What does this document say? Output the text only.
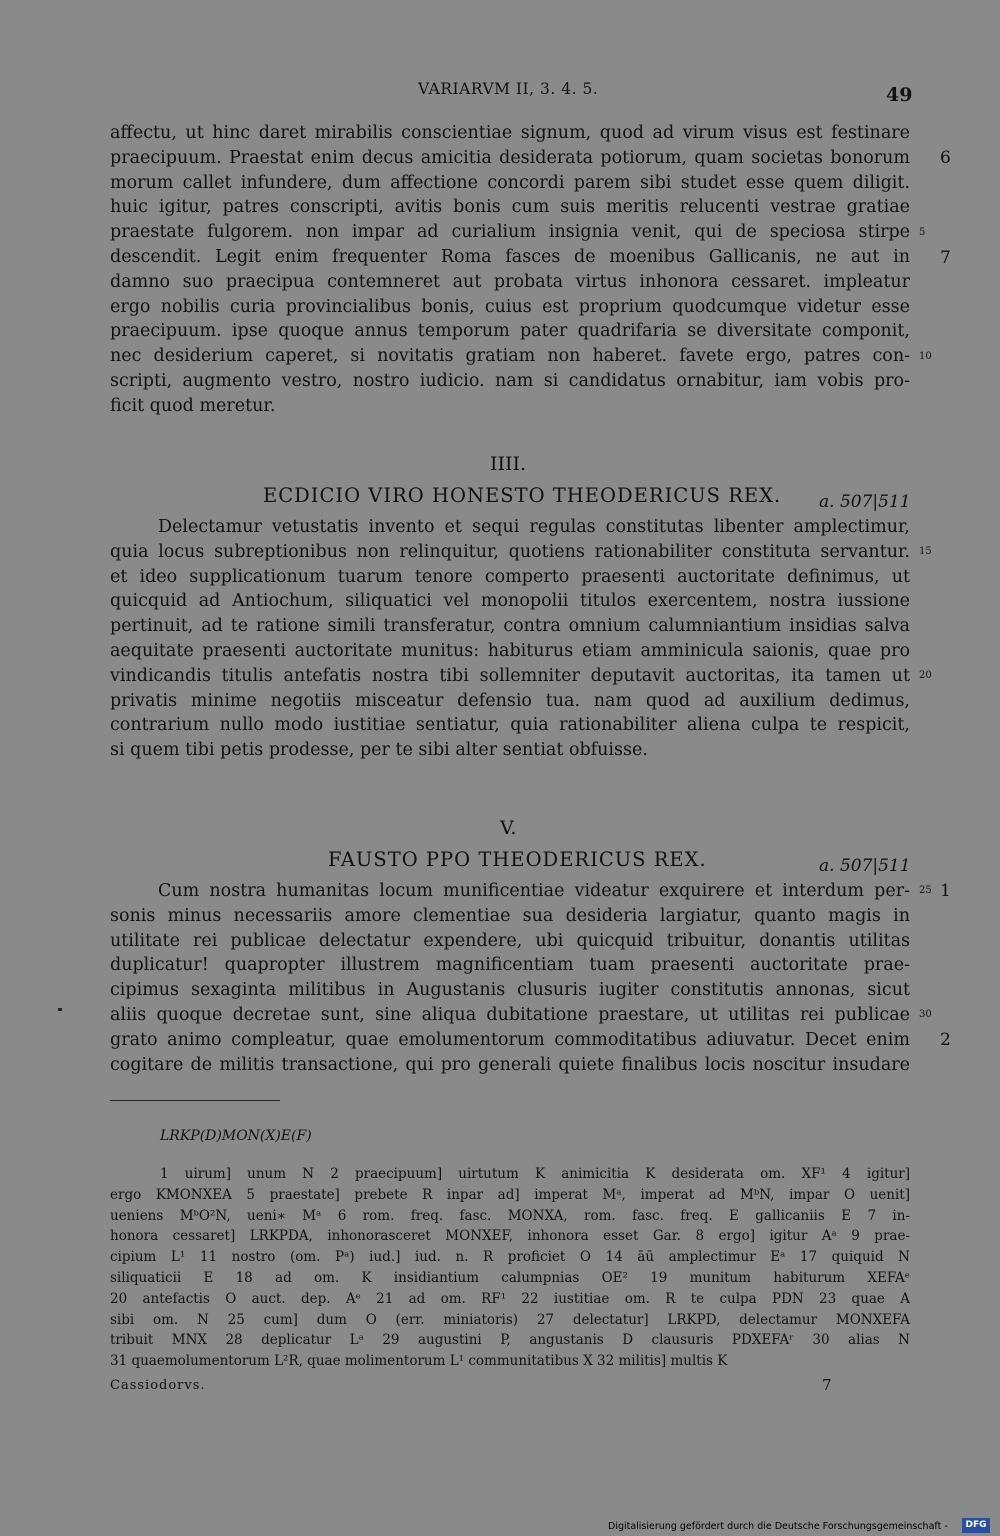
VARIARVM II, 3. 4. 5.	49
affectu, ut hinc daret mirabilis conscientiae signum, quod ad virum visus est festinare
praecipuum. Praestat enim decus amicitia desiderata potiorum, quam societas bonorum
morum callet infundere, dum affectione concordi parem sibi studet esse quem diligit.
huic igitur, patres conscripti, avitis bonis cum suis meritis relucenti vestrae gratiae
praestate fulgorem. non impar ad curialium insignia venit, qui de speciosa stirpe
descendit. Legit enim frequenter Roma fasces de moenibus Gallicanis, ne aut in
damno suo praecipua contemneret aut probata virtus inhonora cessaret. impleatur
ergo nobilis curia provincialibus bonis, cuius est proprium quodcumque videtur esse
praecipuum. ipse quoque annus temporum pater quadrifaria se diversitate componit,
nec desiderium caperet, si novitatis gratiam non haberet. favete ergo, patres con-
scripti, augmento vestro, nostro iudicio. nam si candidatus ornabitur, iam vobis pro-
ficit quod meretur.
5
10
6
7
IIII.
ECDICIO VIRO HONESTO THEODERICUS REX. a. 507|511
Delectamur vetustatis invento et sequi regulas constitutas libenter amplectimur,
quia locus subreptionibus non relinquitur, quotiens rationabiliter constituta servantur.
et ideo supplicationum tuarum tenore comperto praesenti auctoritate definimus, ut
quicquid ad Antiochum, siliquatici vel monopolii titulos exercentem, nostra iussione
pertinuit, ad te ratione simili transferatur, contra omnium calumniantium insidias salva
aequitate praesenti auctoritate munitus: habiturus etiam amminicula saionis, quae pro
vindicandis titulis antefatis nostra tibi sollemniter deputavit auctoritas, ita tamen ut
privatis minime negotiis misceatur defensio tua. nam quod ad auxilium dedimus,
contrarium nullo modo iustitiae sentiatur, quia rationabiliter aliena culpa te respicit,
si quem tibi petis prodesse, per te sibi alter sentiat obfuisse.
15
20
V.
FAUSTO PPO THEODERICUS REX.	a. 507|511
Cum nostra humanitas locum munificentiae videatur exquirere et interdum per-
sonis minus necessariis amore clementiae sua desideria largiatur, quanto magis in
utilitate rei publicae delectatur expendere, ubi quicquid tribuitur, donantis utilitas
duplicatur! quapropter illustrem magnificentiam tuam praesenti auctoritate prae-
cipimus sexaginta militibus in Augustanis clusuris iugiter constitutis annonas, sicut
aliis quoque decretae sunt, sine aliqua dubitatione praestare, ut utilitas rei publicae
grato animo compleatur, quae emolumentorum commoditatibus adiuvatur. Decet enim
cogitare de militis transactione, qui pro generali quiete finalibus locis noscitur insudare
25
30
1
2
LRKP(D)MON(X)E(F)
1 uirum] unum N 2 praecipuum] uirtutum K animicitia K desiderata om. XF¹ 4 igitur]
ergo KMONXEA 5 praestate] prebete R inpar ad] imperat Mᵃ, imperat ad MᵇN, impar O uenit]
ueniens MᵇO²N, ueni∗ Mᵃ 6 rom. freq. fasc. MONXA, rom. fasc. freq. E gallicaniis E 7 in-
honora cessaret] LRKPDA, inhonorasceret MONXEF, inhonora esset Gar. 8 ergo] igitur Aᵃ 9 prae-
cipium L¹ 11 nostro (om. Pᵃ) iud.] iud. n. R proficiet O 14 āū amplectimur Eᵃ 17 quiquid N
siliquaticii E 18 ad om. K insidiantium calumpnias OE² 19 munitum habiturum XEFAᵉ
20 antefactis O auct. dep. Aᵉ 21 ad om. RF¹ 22 iustitiae om. R te culpa PDN 23 quae A
sibi om. N 25 cum] dum O (err. miniatoris) 27 delectatur] LRKPD, delectamur MONXEFA
tribuit MNX 28 deplicatur Lᵃ 29 augustini P, angustanis D clausuris PDXEFAʳ 30 alias N
31 quaemolumentorum L²R, quae molimentorum L¹ communitatibus X 32 militis] multis K
Cassiodorvs.	7
Digitalisierung gefördert durch die Deutsche Forschungsgemeinschaft -	DFG
